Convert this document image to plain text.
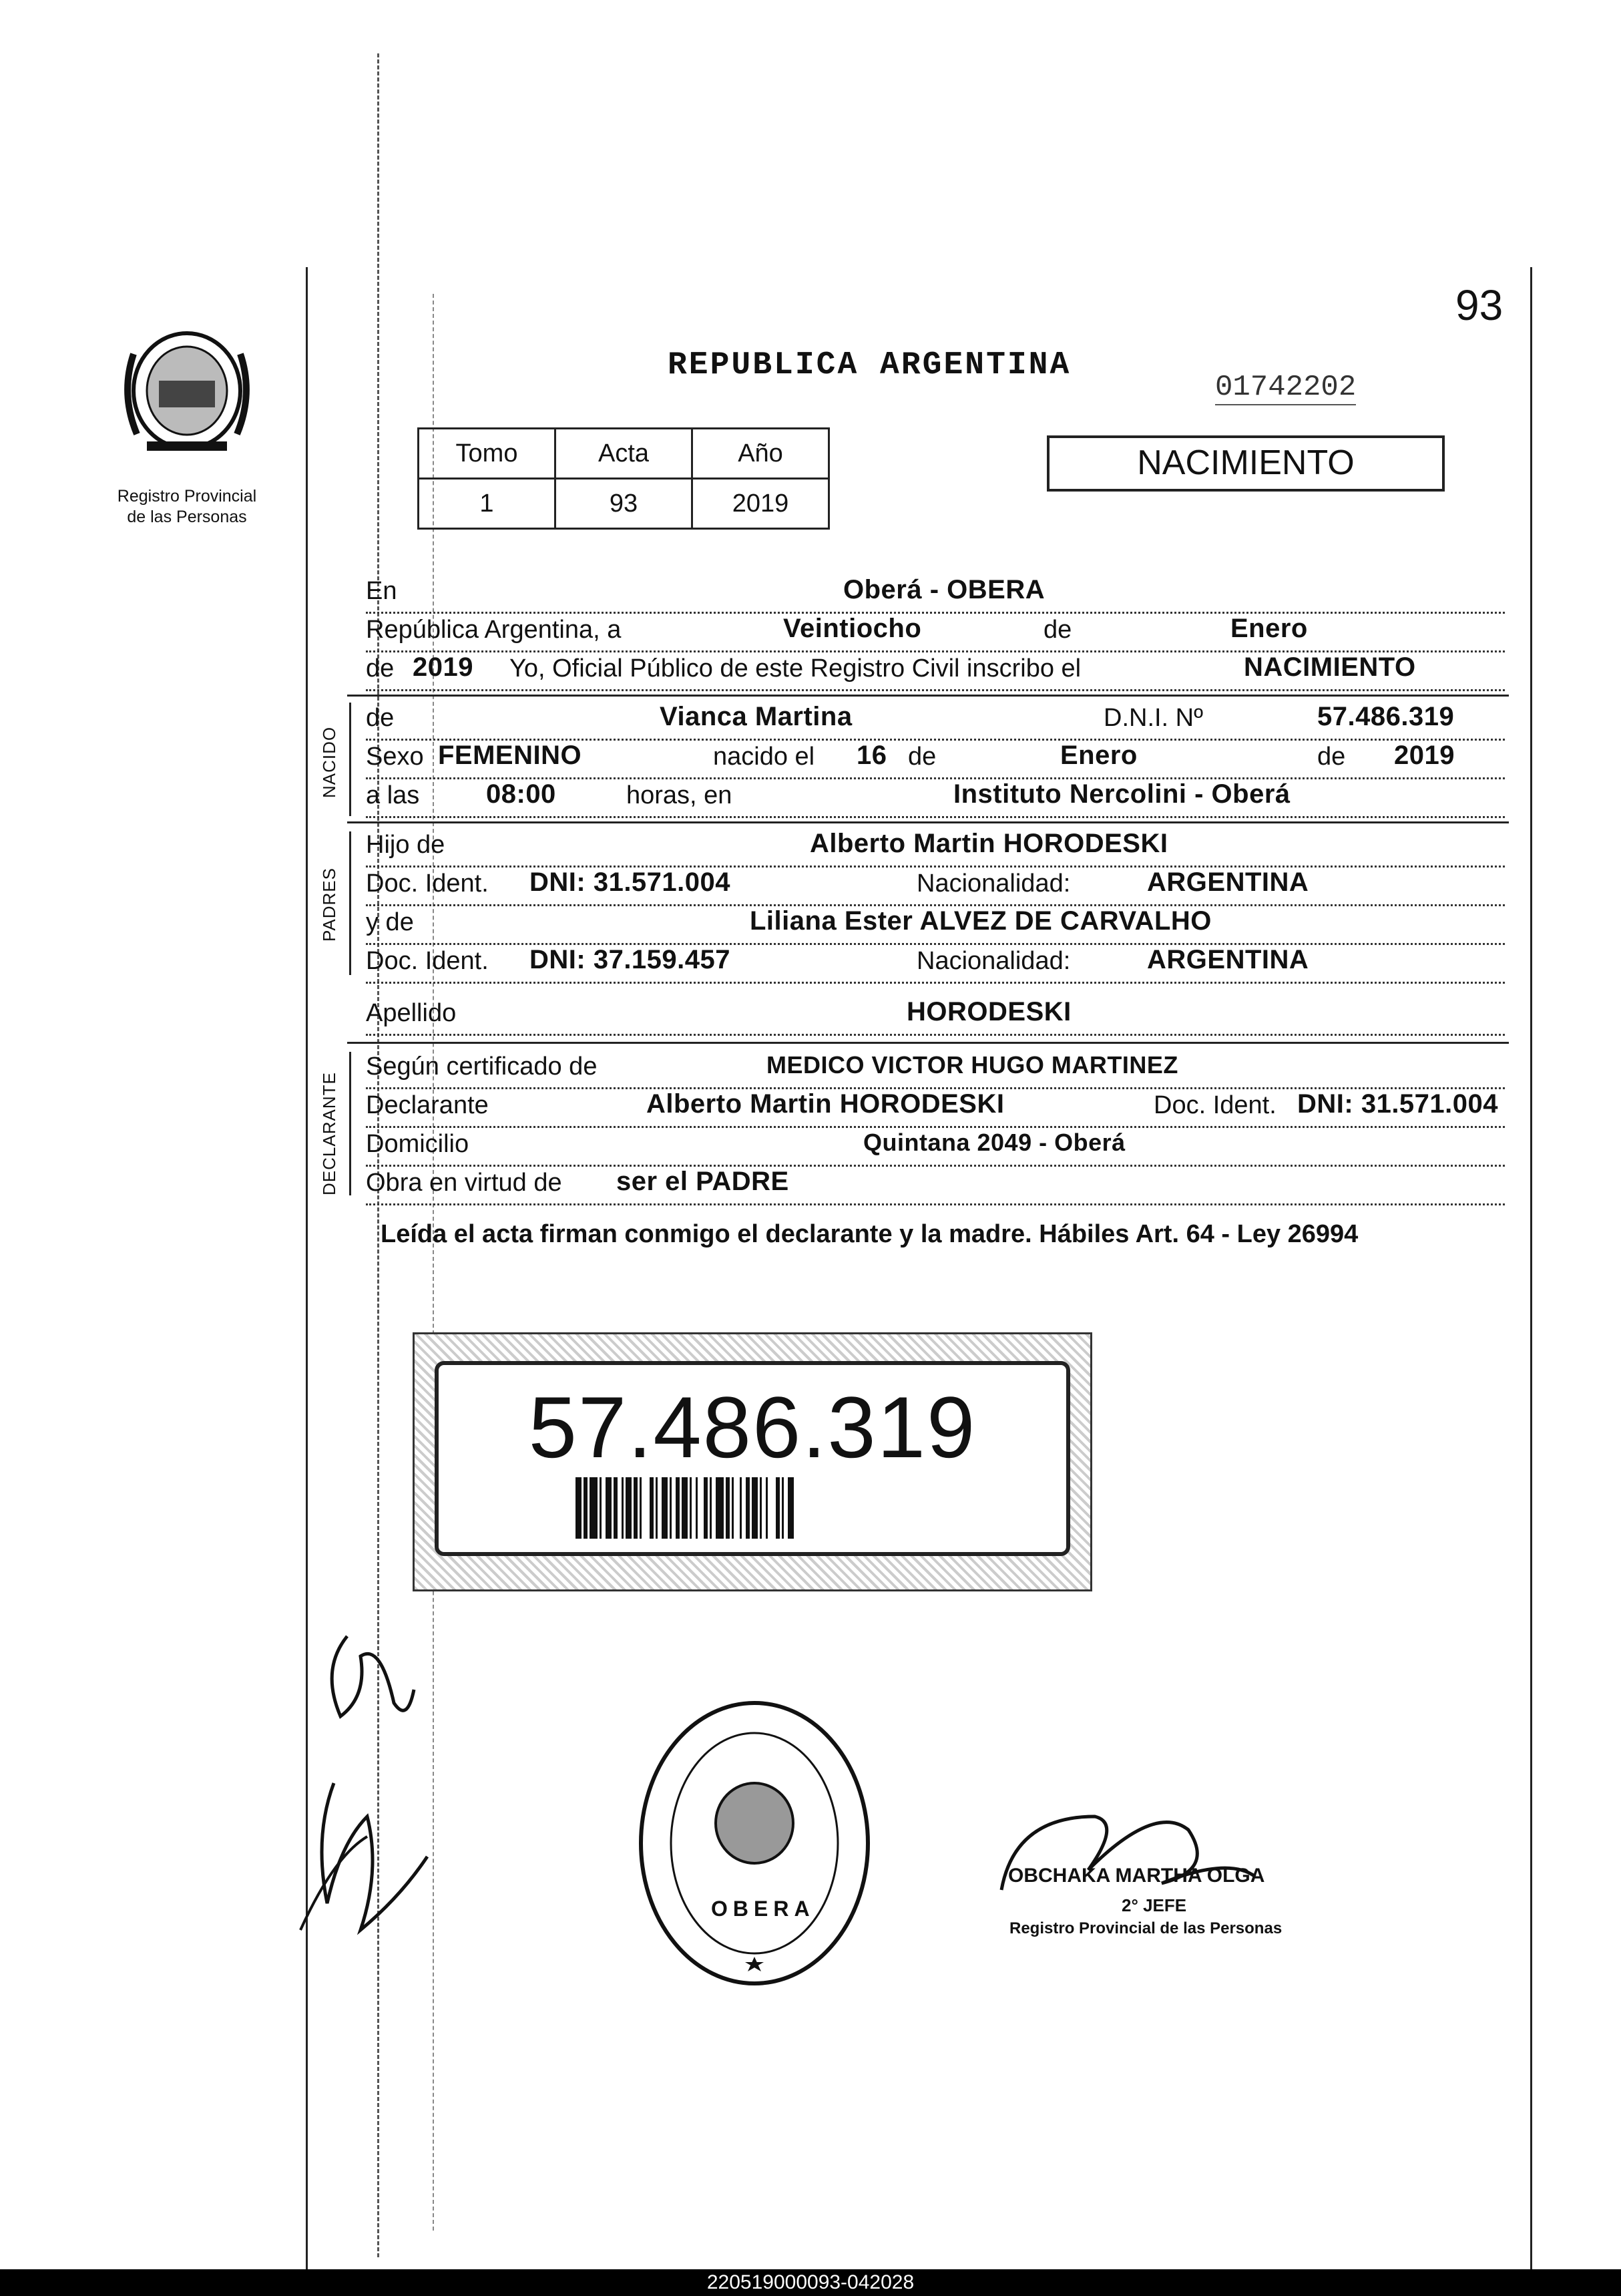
Registro Provincial
de las Personas
93
REPUBLICA ARGENTINA
01742202
Tomo	Acta	Año
1	93	2019
NACIMIENTO
En	Oberá - OBERA
República Argentina, a	Veintiocho	de	Enero
de 2019 Yo, Oficial Público de este Registro Civil inscribo el	NACIMIENTO
NACIDO
de	Vianca Martina	D.N.I. Nº	57.486.319
Sexo FEMENINO	nacido el 16 de	Enero	de 2019
a las 08:00	horas, en	Instituto Nercolini - Oberá
PADRES
Hijo de	Alberto Martin HORODESKI
Doc. Ident. DNI: 31.571.004	Nacionalidad:	ARGENTINA
y de	Liliana Ester ALVEZ DE CARVALHO
Doc. Ident. DNI: 37.159.457	Nacionalidad:	ARGENTINA
Apellido	HORODESKI
DECLARANTE
Según certificado de	MEDICO VICTOR HUGO MARTINEZ
Declarante	Alberto Martin HORODESKI	Doc. Ident. DNI: 31.571.004
Domicilio	Quintana 2049 - Oberá
Obra en virtud de ser el PADRE
Leída el acta firman conmigo el declarante y la madre. Hábiles Art. 64 - Ley 26994
57.486.319
OBERA
OBCHAKA MARTHA OLGA
2° JEFE
Registro Provincial de las Personas
220519000093-042028
